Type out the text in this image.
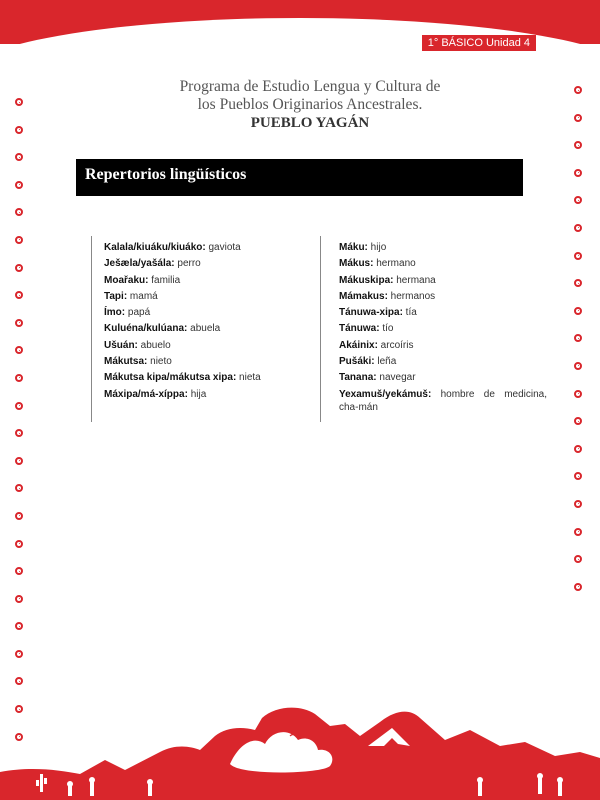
1° BÁSICO Unidad 4
Programa de Estudio Lengua y Cultura de
los Pueblos Originarios Ancestrales.
PUEBLO YAGÁN
Repertorios lingüísticos
Kalala/kiuáku/kiuáko: gaviota
Ješæla/yašála: perro
Moařaku: familia
Tapi: mamá
Ímo: papá
Kuluéna/kulúana: abuela
Ušuán: abuelo
Mákutsa: nieto
Mákutsa kipa/mákutsa xipa: nieta
Máxipa/má-xíppa: hija
Máku: hijo
Mákus: hermano
Mákuskipa: hermana
Mámakus: hermanos
Tánuwa-xipa: tía
Tánuwa: tío
Akáinix: arcoíris
Pušáki: leña
Tanana: navegar
Yexamuš/yekámuš: hombre de medicina, cha-mán
